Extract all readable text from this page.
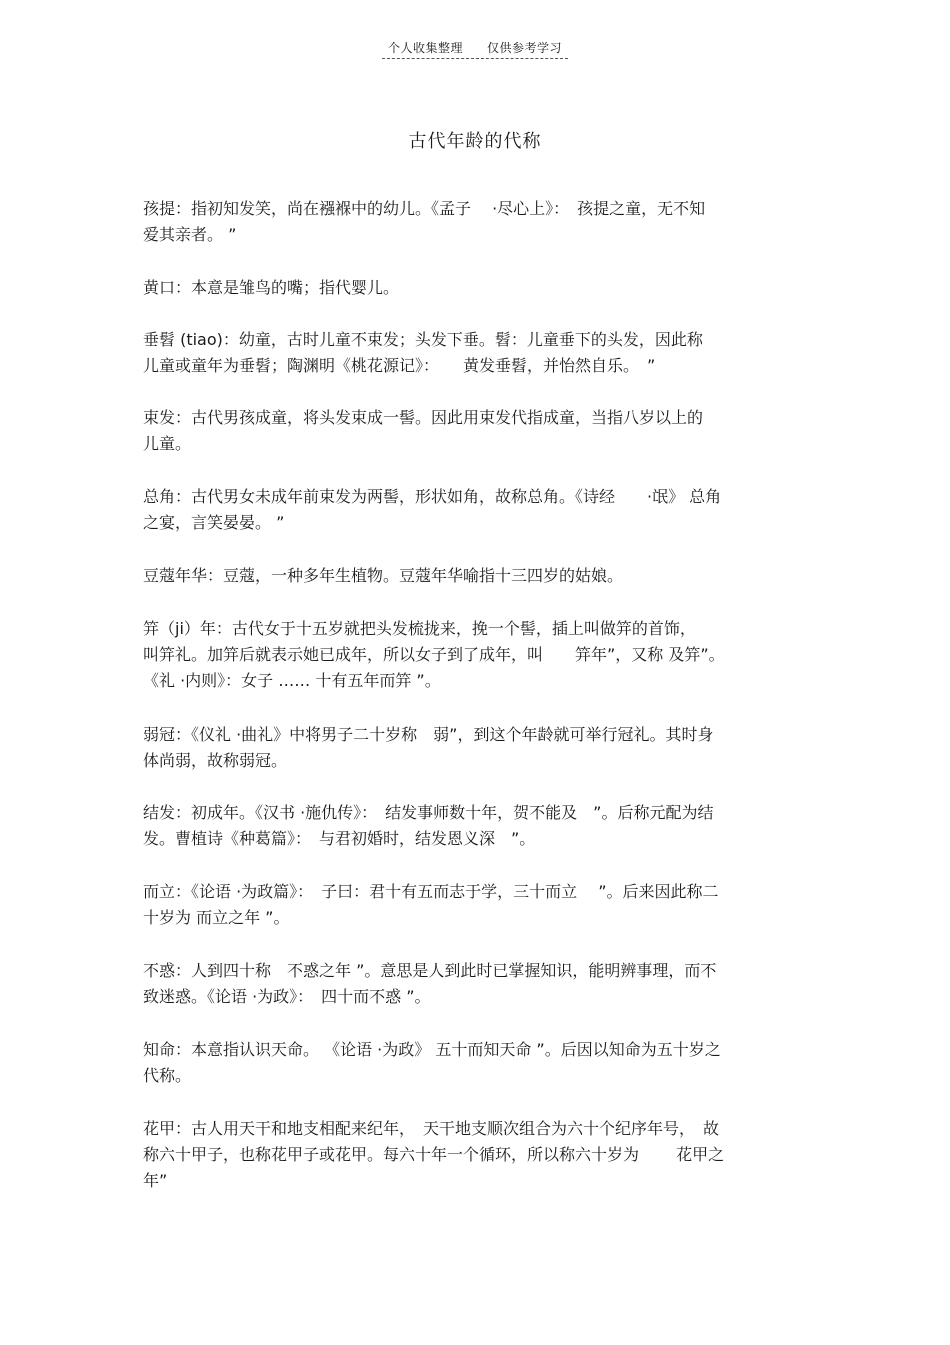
个人收集整理 仅供参考学习
古代年龄的代称
孩提：指初知发笑，尚在襁褓中的幼儿。《孟子　 ·尽心上》：　孩提之童，无不知
爱其亲者。 ”
黄口：本意是雏鸟的嘴；指代婴儿。
垂髫 (tiao)：幼童，古时儿童不束发；头发下垂。髫：儿童垂下的头发，因此称
儿童或童年为垂髫；陶渊明《桃花源记》：　　黄发垂髫，并怡然自乐。　”
束发：古代男孩成童，将头发束成一髻。因此用束发代指成童，当指八岁以上的
儿童。
总角：古代男女未成年前束发为两髻，形状如角，故称总角。《诗经　　·氓》 总角
之宴，言笑晏晏。 ”
豆蔻年华：豆蔻，一种多年生植物。豆蔻年华喻指十三四岁的姑娘。
笄（ji）年：古代女于十五岁就把头发梳拢来，挽一个髻，插上叫做笄的首饰，
叫笄礼。加笄后就表示她已成年，所以女子到了成年，叫　　笄年”，又称 及笄”。
《礼 ·内则》：女子 …… 十有五年而笄 ”。
弱冠：《仪礼 ·曲礼》中将男子二十岁称　弱”，到这个年龄就可举行冠礼。其时身
体尚弱，故称弱冠。
结发：初成年。《汉书 ·施仇传》：　结发事师数十年，贺不能及　”。后称元配为结
发。曹植诗《种葛篇》：　与君初婚时，结发恩义深　”。
而立：《论语 ·为政篇》：　子曰：君十有五而志于学，三十而立　 ”。后来因此称二
十岁为 而立之年 ”。
不惑：人到四十称　不惑之年 ”。意思是人到此时已掌握知识，能明辨事理，而不
致迷惑。《论语 ·为政》：　四十而不惑 ”。
知命：本意指认识天命。 《论语 ·为政》 五十而知天命 ”。后因以知命为五十岁之
代称。
花甲：古人用天干和地支相配来纪年，　天干地支顺次组合为六十个纪序年号，　故
称六十甲子，也称花甲子或花甲。每六十年一个循环，所以称六十岁为　　 花甲之
年”
